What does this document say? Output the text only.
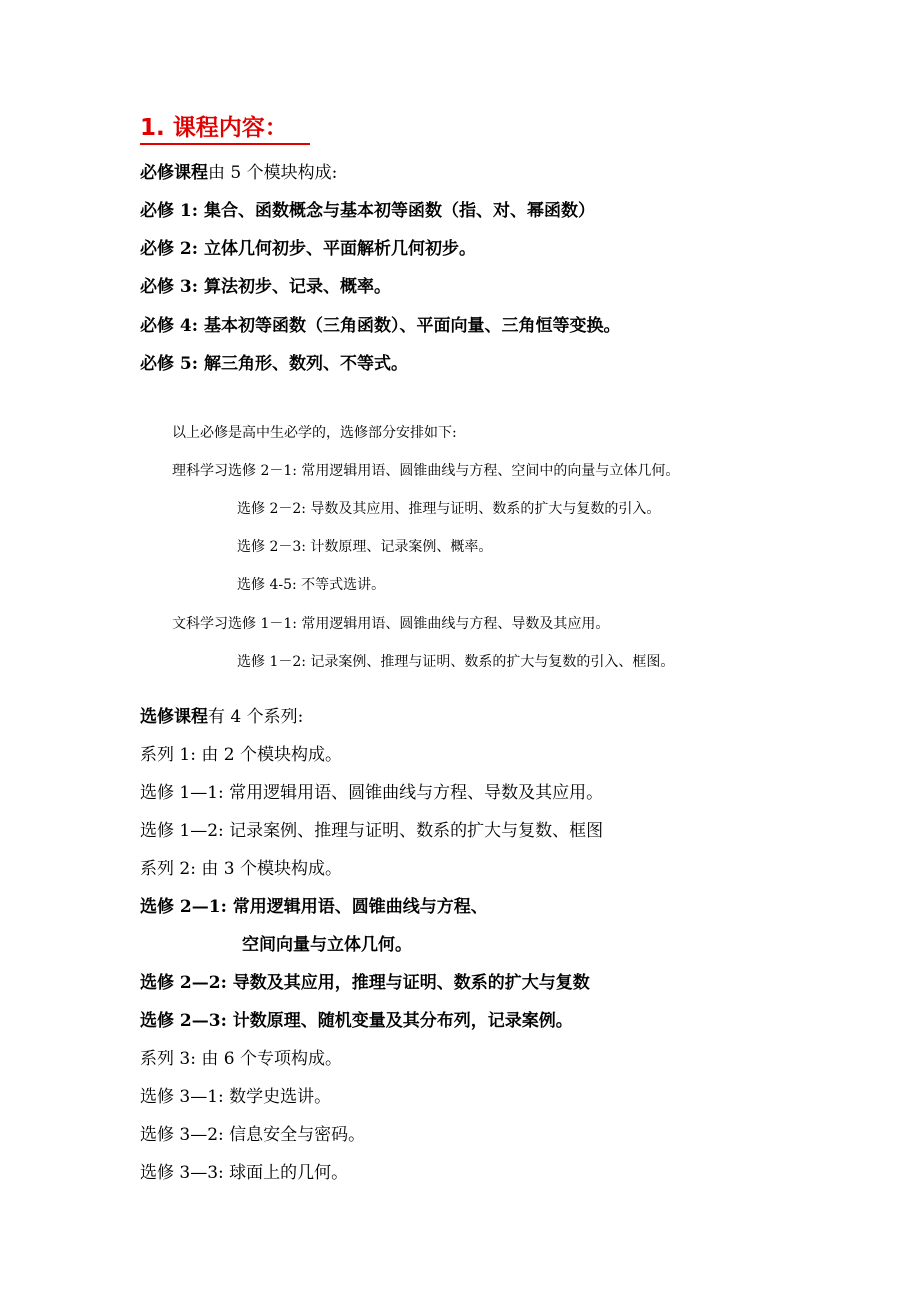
1. 课程内容：
必修课程由 5 个模块构成:
必修 1: 集合、函数概念与基本初等函数（指、对、幂函数）
必修 2: 立体几何初步、平面解析几何初步。
必修 3: 算法初步、记录、概率。
必修 4: 基本初等函数（三角函数）、平面向量、三角恒等变换。
必修 5: 解三角形、数列、不等式。
以上必修是高中生必学的，选修部分安排如下:
理科学习选修 2－1: 常用逻辑用语、圆锥曲线与方程、空间中的向量与立体几何。
选修 2－2: 导数及其应用、推理与证明、数系的扩大与复数的引入。
选修 2－3: 计数原理、记录案例、概率。
选修 4-5: 不等式选讲。
文科学习选修 1－1: 常用逻辑用语、圆锥曲线与方程、导数及其应用。
选修 1－2: 记录案例、推理与证明、数系的扩大与复数的引入、框图。
选修课程有 4 个系列:
系列 1: 由 2 个模块构成。
选修 1—1: 常用逻辑用语、圆锥曲线与方程、导数及其应用。
选修 1—2: 记录案例、推理与证明、数系的扩大与复数、框图
系列 2: 由 3 个模块构成。
选修 2—1: 常用逻辑用语、圆锥曲线与方程、
空间向量与立体几何。
选修 2—2: 导数及其应用，推理与证明、数系的扩大与复数
选修 2—3: 计数原理、随机变量及其分布列，记录案例。
系列 3: 由 6 个专项构成。
选修 3—1: 数学史选讲。
选修 3—2: 信息安全与密码。
选修 3—3: 球面上的几何。
